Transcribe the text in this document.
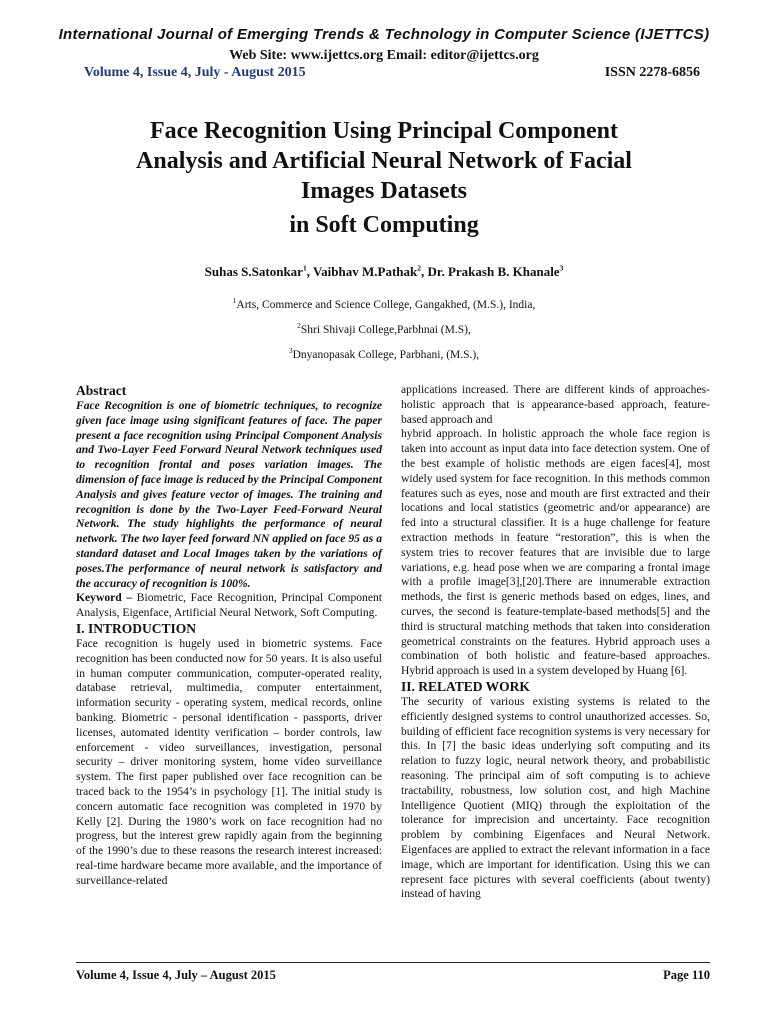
International Journal of Emerging Trends & Technology in Computer Science (IJETTCS)
Web Site: www.ijettcs.org Email: editor@ijettcs.org
Volume 4, Issue 4, July - August 2015	ISSN 2278-6856
Face Recognition Using Principal Component
Analysis and Artificial Neural Network of Facial
Images Datasets
in Soft Computing
Suhas S.Satonkar$^1$, Vaibhav M.Pathak$^2$, Dr. Prakash B. Khanale$^3$
$^1$Arts, Commerce and Science College, Gangakhed, (M.S.), India,
$^2$Shri Shivaji College,Parbhnai (M.S),
$^3$Dnyanopasak College, Parbhani, (M.S.),
Abstract

Face Recognition is one of biometric techniques, to recognize given face image using significant features of face. The paper present a face recognition using Principal Component Analysis and Two-Layer Feed Forward Neural Network techniques used to recognition frontal and poses variation images. The dimension of face image is reduced by the Principal Component Analysis and gives feature vector of images. The training and recognition is done by the Two-Layer Feed-Forward Neural Network. The study highlights the performance of neural network. The two layer feed forward NN applied on face 95 as a standard dataset and Local Images taken by the variations of poses.The performance of neural network is satisfactory and the accuracy of recognition is 100%.

Keyword – Biometric, Face Recognition, Principal Component Analysis, Eigenface, Artificial Neural Network, Soft Computing.

I. INTRODUCTION

Face recognition is hugely used in biometric systems. Face recognition has been conducted now for 50 years. It is also useful in human computer communication, computer-operated reality, database retrieval, multimedia, computer entertainment, information security - operating system, medical records, online banking. Biometric - personal identification - passports, driver licenses, automated identity verification – border controls, law enforcement - video surveillances, investigation, personal security – driver monitoring system, home video surveillance system. The first paper published over face recognition can be traced back to the 1954’s in psychology [1]. The initial study is concern automatic face recognition was completed in 1970 by Kelly [2]. During the 1980’s work on face recognition had no progress, but the interest grew rapidly again from the beginning of the 1990’s due to these reasons the research interest increased: real-time hardware became more available, and the importance of surveillance-related

applications increased. There are different kinds of approaches-holistic approach that is appearance-based approach, feature-based approach and

hybrid approach. In holistic approach the whole face region is taken into account as input data into face detection system. One of the best example of holistic methods are eigen faces[4], most widely used system for face recognition. In this methods common features such as eyes, nose and mouth are first extracted and their locations and local statistics (geometric and/or appearance) are fed into a structural classifier. It is a huge challenge for feature extraction methods in feature “restoration”, this is when the system tries to recover features that are invisible due to large variations, e.g. head pose when we are comparing a frontal image with a profile image[3],[20].There are innumerable extraction methods, the first is generic methods based on edges, lines, and curves, the second is feature-template-based methods[5] and the third is structural matching methods that taken into consideration geometrical constraints on the features. Hybrid approach uses a combination of both holistic and feature-based approaches. Hybrid approach is used in a system developed by Huang [6].

II. RELATED WORK

The security of various existing systems is related to the efficiently designed systems to control unauthorized accesses. So, building of efficient face recognition systems is very necessary for this. In [7] the basic ideas underlying soft computing and its relation to fuzzy logic, neural network theory, and probabilistic reasoning. The principal aim of soft computing is to achieve tractability, robustness, low solution cost, and high Machine Intelligence Quotient (MIQ) through the exploitation of the tolerance for imprecision and uncertainty. Face recognition problem by combining Eigenfaces and Neural Network. Eigenfaces are applied to extract the relevant information in a face image, which are important for identification. Using this we can represent face pictures with several coefficients (about twenty) instead of having

Volume 4, Issue 4, July – August 2015	Page 110
